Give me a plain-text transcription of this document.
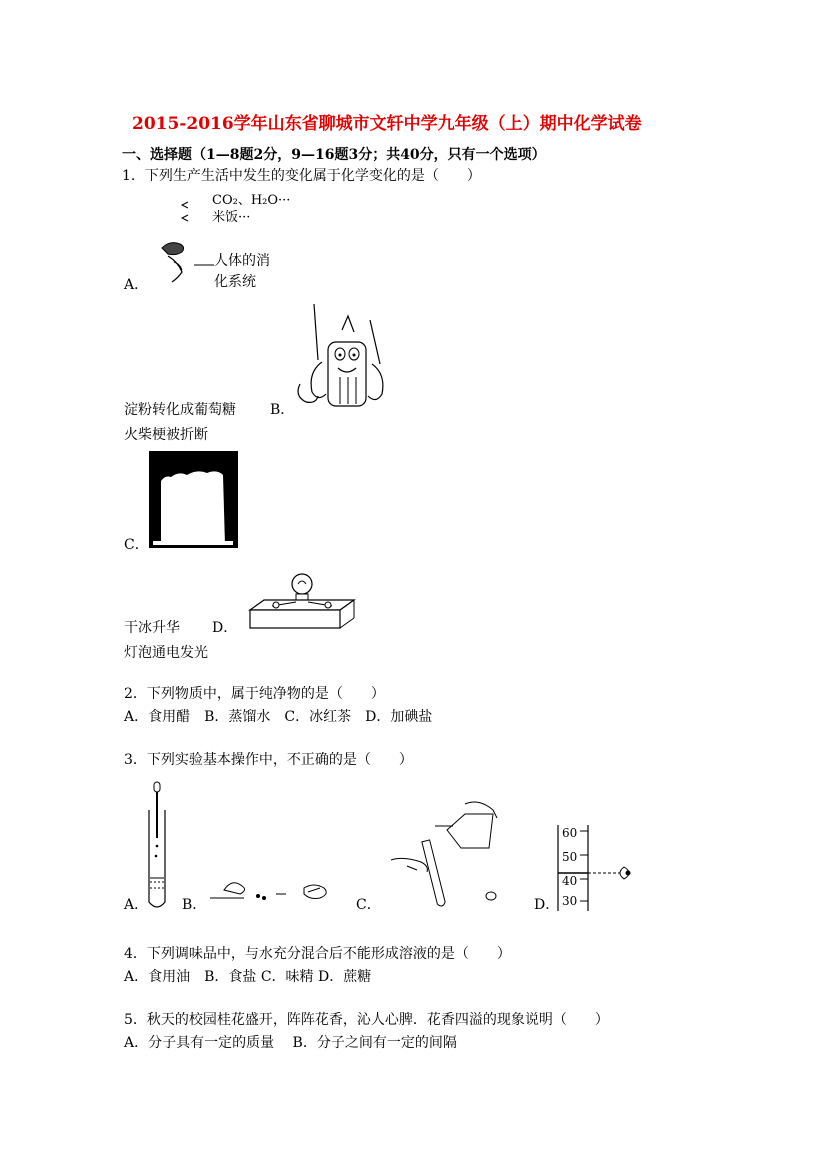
2015-2016学年山东省聊城市文轩中学九年级（上）期中化学试卷
一、选择题（1—8题2分，9—16题3分；共40分，只有一个选项）
1．下列生产生活中发生的变化属于化学变化的是（　　）
CO₂、H₂O···
米饭···
人体的消
化系统
A．
淀粉转化成葡萄糖 B．
火柴梗被折断
C．
干冰升华 D．
灯泡通电发光
2．下列物质中，属于纯净物的是（　　）
A．食用醋　B．蒸馏水　C．冰红茶　D．加碘盐
3．下列实验基本操作中，不正确的是（　　）
A． B．	C．
60
50
40
30
D．
4．下列调味品中，与水充分混合后不能形成溶液的是（　　）
A．食用油　B．食盐 C．味精 D．蔗糖
5．秋天的校园桂花盛开，阵阵花香，沁人心脾．花香四溢的现象说明（　　）
A．分子具有一定的质量　 B．分子之间有一定的间隔
